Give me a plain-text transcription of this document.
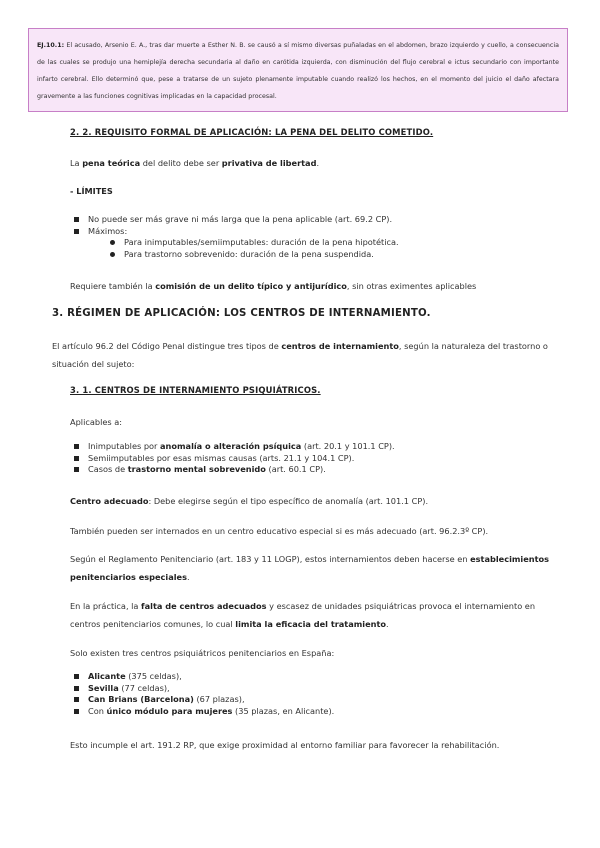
EJ.10.1: El acusado, Arsenio E. A., tras dar muerte a Esther N. B. se causó a sí mismo diversas puñaladas en el abdomen, brazo izquierdo y cuello, a consecuencia de las cuales se produjo una hemiplejía derecha secundaria al daño en carótida izquierda, con disminución del flujo cerebral e ictus secundario con importante infarto cerebral. Ello determinó que, pese a tratarse de un sujeto plenamente imputable cuando realizó los hechos, en el momento del juicio el daño afectara gravemente a las funciones cognitivas implicadas en la capacidad procesal.
2. 2. REQUISITO FORMAL DE APLICACIÓN: LA PENA DEL DELITO COMETIDO.
La pena teórica del delito debe ser privativa de libertad.
- LÍMITES
No puede ser más grave ni más larga que la pena aplicable (art. 69.2 CP).
Máximos:
Para inimputables/semiimputables: duración de la pena hipotética.
Para trastorno sobrevenido: duración de la pena suspendida.
Requiere también la comisión de un delito típico y antijurídico, sin otras eximentes aplicables
3. RÉGIMEN DE APLICACIÓN: LOS CENTROS DE INTERNAMIENTO.
El artículo 96.2 del Código Penal distingue tres tipos de centros de internamiento, según la naturaleza del trastorno o situación del sujeto:
3. 1. CENTROS DE INTERNAMIENTO PSIQUIÁTRICOS.
Aplicables a:
Inimputables por anomalía o alteración psíquica (art. 20.1 y 101.1 CP).
Semiimputables por esas mismas causas (arts. 21.1 y 104.1 CP).
Casos de trastorno mental sobrevenido (art. 60.1 CP).
Centro adecuado: Debe elegirse según el tipo específico de anomalía (art. 101.1 CP).
También pueden ser internados en un centro educativo especial si es más adecuado (art. 96.2.3º CP).
Según el Reglamento Penitenciario (art. 183 y 11 LOGP), estos internamientos deben hacerse en establecimientos penitenciarios especiales.
En la práctica, la falta de centros adecuados y escasez de unidades psiquiátricas provoca el internamiento en centros penitenciarios comunes, lo cual limita la eficacia del tratamiento.
Solo existen tres centros psiquiátricos penitenciarios en España:
Alicante (375 celdas),
Sevilla (77 celdas),
Can Brians (Barcelona) (67 plazas),
Con único módulo para mujeres (35 plazas, en Alicante).
Esto incumple el art. 191.2 RP, que exige proximidad al entorno familiar para favorecer la rehabilitación.
